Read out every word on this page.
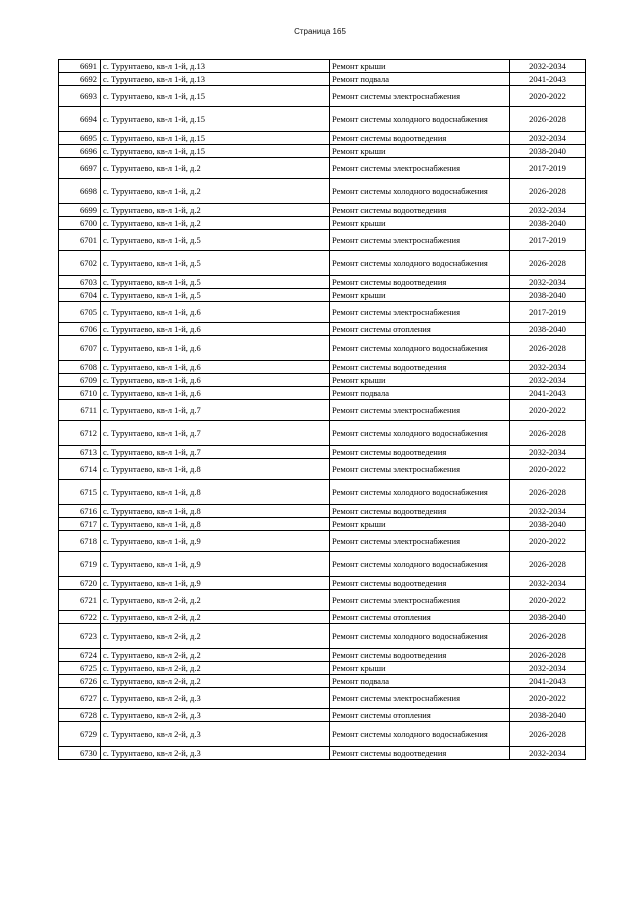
Страница 165
6691	с. Турунтаево, кв-л 1-й, д.13	Ремонт крыши	2032-2034
6692	с. Турунтаево, кв-л 1-й, д.13	Ремонт подвала	2041-2043
6693	с. Турунтаево, кв-л 1-й, д.15	Ремонт системы электроснабжения	2020-2022
6694	с. Турунтаево, кв-л 1-й, д.15	Ремонт системы холодного водоснабжения	2026-2028
6695	с. Турунтаево, кв-л 1-й, д.15	Ремонт системы водоотведения	2032-2034
6696	с. Турунтаево, кв-л 1-й, д.15	Ремонт крыши	2038-2040
6697	с. Турунтаево, кв-л 1-й, д.2	Ремонт системы электроснабжения	2017-2019
6698	с. Турунтаево, кв-л 1-й, д.2	Ремонт системы холодного водоснабжения	2026-2028
6699	с. Турунтаево, кв-л 1-й, д.2	Ремонт системы водоотведения	2032-2034
6700	с. Турунтаево, кв-л 1-й, д.2	Ремонт крыши	2038-2040
6701	с. Турунтаево, кв-л 1-й, д.5	Ремонт системы электроснабжения	2017-2019
6702	с. Турунтаево, кв-л 1-й, д.5	Ремонт системы холодного водоснабжения	2026-2028
6703	с. Турунтаево, кв-л 1-й, д.5	Ремонт системы водоотведения	2032-2034
6704	с. Турунтаево, кв-л 1-й, д.5	Ремонт крыши	2038-2040
6705	с. Турунтаево, кв-л 1-й, д.6	Ремонт системы электроснабжения	2017-2019
6706	с. Турунтаево, кв-л 1-й, д.6	Ремонт системы отопления	2038-2040
6707	с. Турунтаево, кв-л 1-й, д.6	Ремонт системы холодного водоснабжения	2026-2028
6708	с. Турунтаево, кв-л 1-й, д.6	Ремонт системы водоотведения	2032-2034
6709	с. Турунтаево, кв-л 1-й, д.6	Ремонт крыши	2032-2034
6710	с. Турунтаево, кв-л 1-й, д.6	Ремонт подвала	2041-2043
6711	с. Турунтаево, кв-л 1-й, д.7	Ремонт системы электроснабжения	2020-2022
6712	с. Турунтаево, кв-л 1-й, д.7	Ремонт системы холодного водоснабжения	2026-2028
6713	с. Турунтаево, кв-л 1-й, д.7	Ремонт системы водоотведения	2032-2034
6714	с. Турунтаево, кв-л 1-й, д.8	Ремонт системы электроснабжения	2020-2022
6715	с. Турунтаево, кв-л 1-й, д.8	Ремонт системы холодного водоснабжения	2026-2028
6716	с. Турунтаево, кв-л 1-й, д.8	Ремонт системы водоотведения	2032-2034
6717	с. Турунтаево, кв-л 1-й, д.8	Ремонт крыши	2038-2040
6718	с. Турунтаево, кв-л 1-й, д.9	Ремонт системы электроснабжения	2020-2022
6719	с. Турунтаево, кв-л 1-й, д.9	Ремонт системы холодного водоснабжения	2026-2028
6720	с. Турунтаево, кв-л 1-й, д.9	Ремонт системы водоотведения	2032-2034
6721	с. Турунтаево, кв-л 2-й, д.2	Ремонт системы электроснабжения	2020-2022
6722	с. Турунтаево, кв-л 2-й, д.2	Ремонт системы отопления	2038-2040
6723	с. Турунтаево, кв-л 2-й, д.2	Ремонт системы холодного водоснабжения	2026-2028
6724	с. Турунтаево, кв-л 2-й, д.2	Ремонт системы водоотведения	2026-2028
6725	с. Турунтаево, кв-л 2-й, д.2	Ремонт крыши	2032-2034
6726	с. Турунтаево, кв-л 2-й, д.2	Ремонт подвала	2041-2043
6727	с. Турунтаево, кв-л 2-й, д.3	Ремонт системы электроснабжения	2020-2022
6728	с. Турунтаево, кв-л 2-й, д.3	Ремонт системы отопления	2038-2040
6729	с. Турунтаево, кв-л 2-й, д.3	Ремонт системы холодного водоснабжения	2026-2028
6730	с. Турунтаево, кв-л 2-й, д.3	Ремонт системы водоотведения	2032-2034
